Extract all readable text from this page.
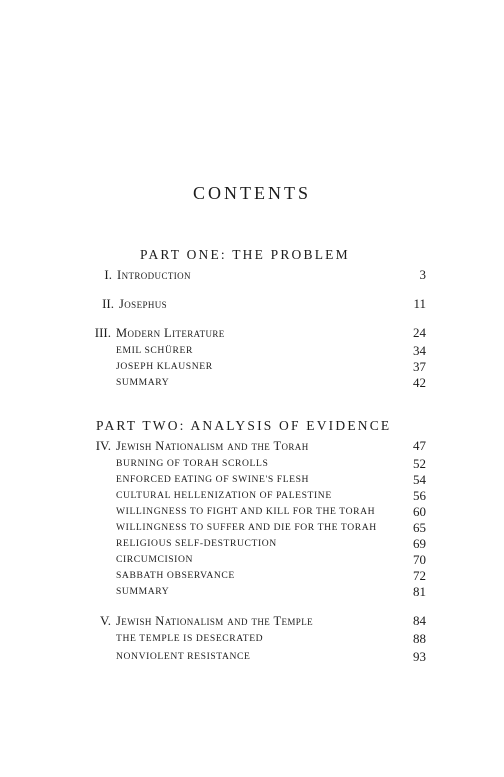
CONTENTS
PART ONE: THE PROBLEM
I. Introduction	3
II. Josephus	11
III. Modern Literature	24
EMIL SCHÜRER	34
JOSEPH KLAUSNER	37
SUMMARY	42
PART TWO: ANALYSIS OF EVIDENCE
IV. Jewish Nationalism and the Torah	47
BURNING OF TORAH SCROLLS	52
ENFORCED EATING OF SWINE'S FLESH	54
CULTURAL HELLENIZATION OF PALESTINE	56
WILLINGNESS TO FIGHT AND KILL FOR THE TORAH	60
WILLINGNESS TO SUFFER AND DIE FOR THE TORAH	65
RELIGIOUS SELF-DESTRUCTION	69
CIRCUMCISION	70
SABBATH OBSERVANCE	72
SUMMARY	81
V. Jewish Nationalism and the Temple	84
THE TEMPLE IS DESECRATED	88
NONVIOLENT RESISTANCE	93
